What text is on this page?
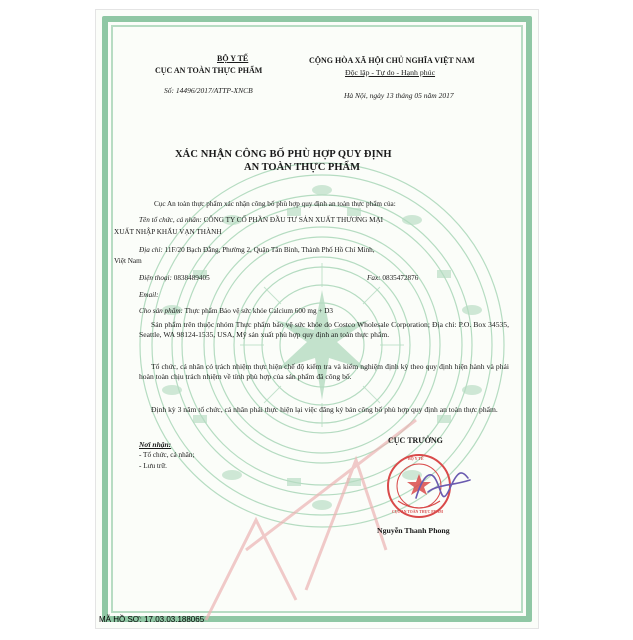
BỘ Y TẾ
CỤC AN TOÀN THỰC PHẨM
Số: 14496/2017/ATTP-XNCB
CỘNG HÒA XÃ HỘI CHỦ NGHĨA VIỆT NAM
Độc lập - Tự do - Hạnh phúc
Hà Nội, ngày 13 tháng 05 năm 2017
XÁC NHẬN CÔNG BỐ PHÙ HỢP QUY ĐỊNH
AN TOÀN THỰC PHẨM
Cục An toàn thực phẩm xác nhận công bố phù hợp quy định an toàn thực phẩm của:
Tên tổ chức, cá nhân: CÔNG TY CỔ PHẦN ĐẦU TƯ SẢN XUẤT THƯƠNG MẠI
XUẤT NHẬP KHẨU VẠN THÀNH
Địa chỉ: 11F/20 Bạch Đằng, Phường 2, Quận Tân Bình, Thành Phố Hồ Chí Minh,
Việt Nam
Điện thoại: 0838489405	Fax: 0835472876
Email:
Cho sản phẩm: Thực phẩm Bảo vệ sức khỏe Calcium 600 mg + D3
Sản phẩm trên thuộc nhóm Thực phẩm bảo vệ sức khỏe do Costco Wholesale Corporation; Địa chỉ: P.O. Box 34535, Seattle, WA 98124-1535, USA, Mỹ sản xuất phù hợp quy định an toàn thực phẩm.
Tổ chức, cá nhân có trách nhiệm thực hiện chế độ kiểm tra và kiểm nghiệm định kỳ theo quy định hiện hành và phải hoàn toàn chịu trách nhiệm về tính phù hợp của sản phẩm đã công bố.
Định kỳ 3 năm tổ chức, cá nhân phải thực hiện lại việc đăng ký bản công bố phù hợp quy định an toàn thực phẩm.
Nơi nhận:
- Tổ chức, cá nhân;
- Lưu trữ.
CỤC TRƯỞNG
BỘ Y TẾ
CỤC AN TOÀN THỰC PHẨM
Nguyễn Thanh Phong
MÃ HỒ SƠ: 17.03.03.188065
